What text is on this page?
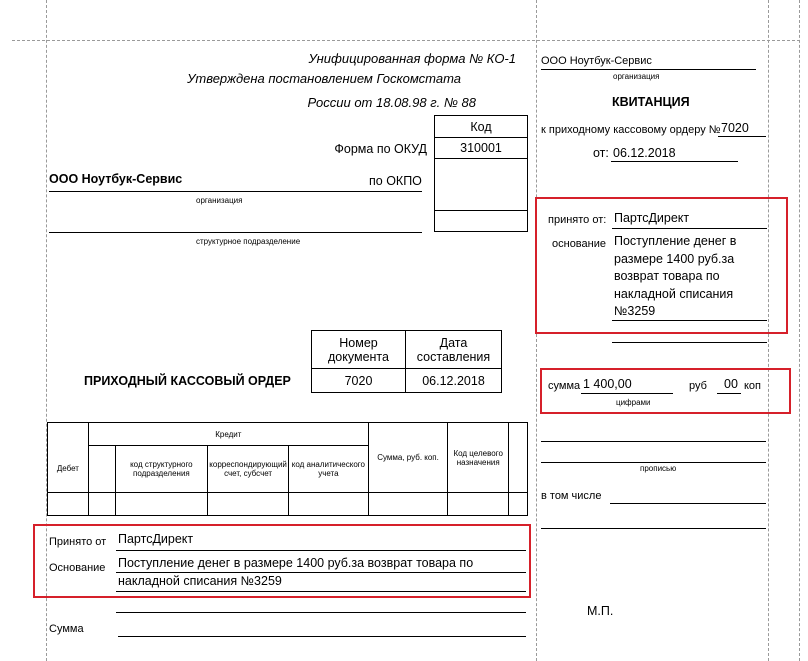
Унифицированная форма № КО-1
Утверждена постановлением Госкомстата
России от 18.08.98 г. № 88
Код
310001

Форма по ОКУД
по ОКПО
ООО Ноутбук-Сервис
организация
структурное подразделение
Номер документа	Дата составления
7020	06.12.2018
ПРИХОДНЫЙ КАССОВЫЙ ОРДЕР
	Кредит				Сумма, руб. коп.	Код целевого назначения	
Дебет		код структурного подразделения	корреспондирующий счет, субсчет	код аналитического учета			

Принято от ПартсДирект
Основание Поступление денег в размере 1400 руб.за возврат товара по накладной списания №3259
Сумма
ООО Ноутбук-Сервис
организация
КВИТАНЦИЯ
к приходному кассовому ордеру № 7020
от: 06.12.2018
принято от: ПартсДирект
основание Поступление денег в размере 1400 руб.за возврат товара по накладной списания №3259
сумма 1 400,00	руб 00 коп
цифрами
прописью
в том числе
М.П.
